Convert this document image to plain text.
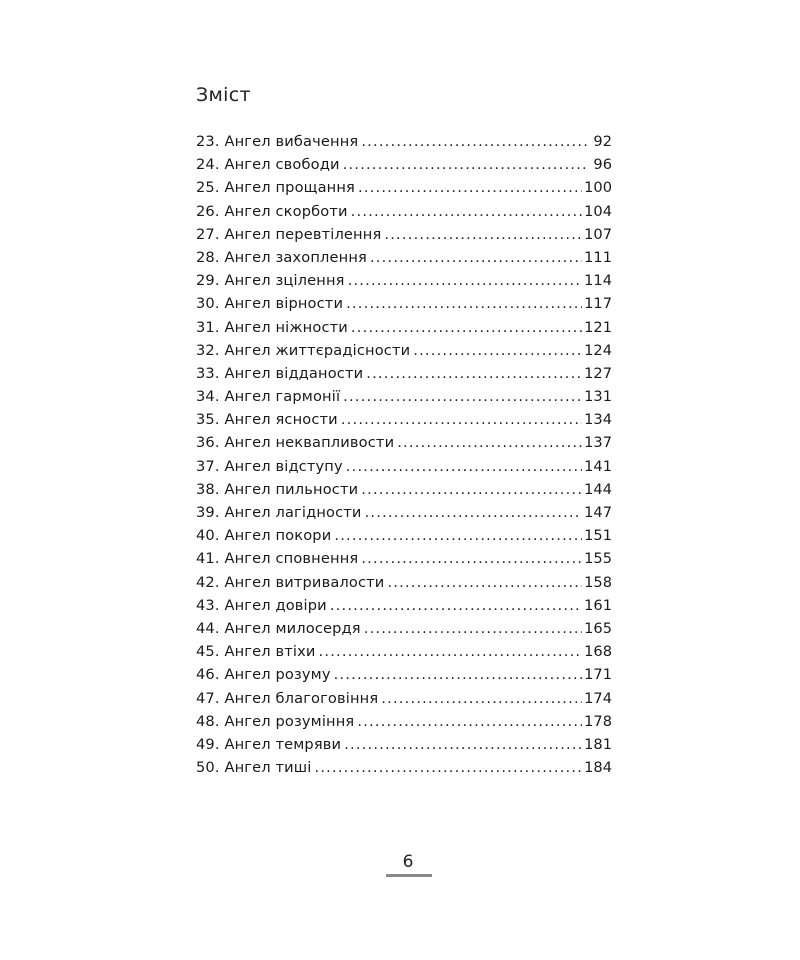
Зміст
23. Ангел вибачення .....	92
24. Ангел свободи .....	96
25. Ангел прощання .....	100
26. Ангел скорботи .....	104
27. Ангел перевтілення .....	107
28. Ангел захоплення .....	111
29. Ангел зцілення .....	114
30. Ангел вірности .....	117
31. Ангел ніжности .....	121
32. Ангел життєрадісности .....	124
33. Ангел відданости .....	127
34. Ангел гармонії .....	131
35. Ангел ясности .....	134
36. Ангел неквапливости .....	137
37. Ангел відступу .....	141
38. Ангел пильности .....	144
39. Ангел лагідности .....	147
40. Ангел покори .....	151
41. Ангел сповнення .....	155
42. Ангел витривалости .....	158
43. Ангел довіри .....	161
44. Ангел милосердя .....	165
45. Ангел втіхи .....	168
46. Ангел розуму .....	171
47. Ангел благоговіння .....	174
48. Ангел розуміння .....	178
49. Ангел темряви .....	181
50. Ангел тиші .....	184
6
